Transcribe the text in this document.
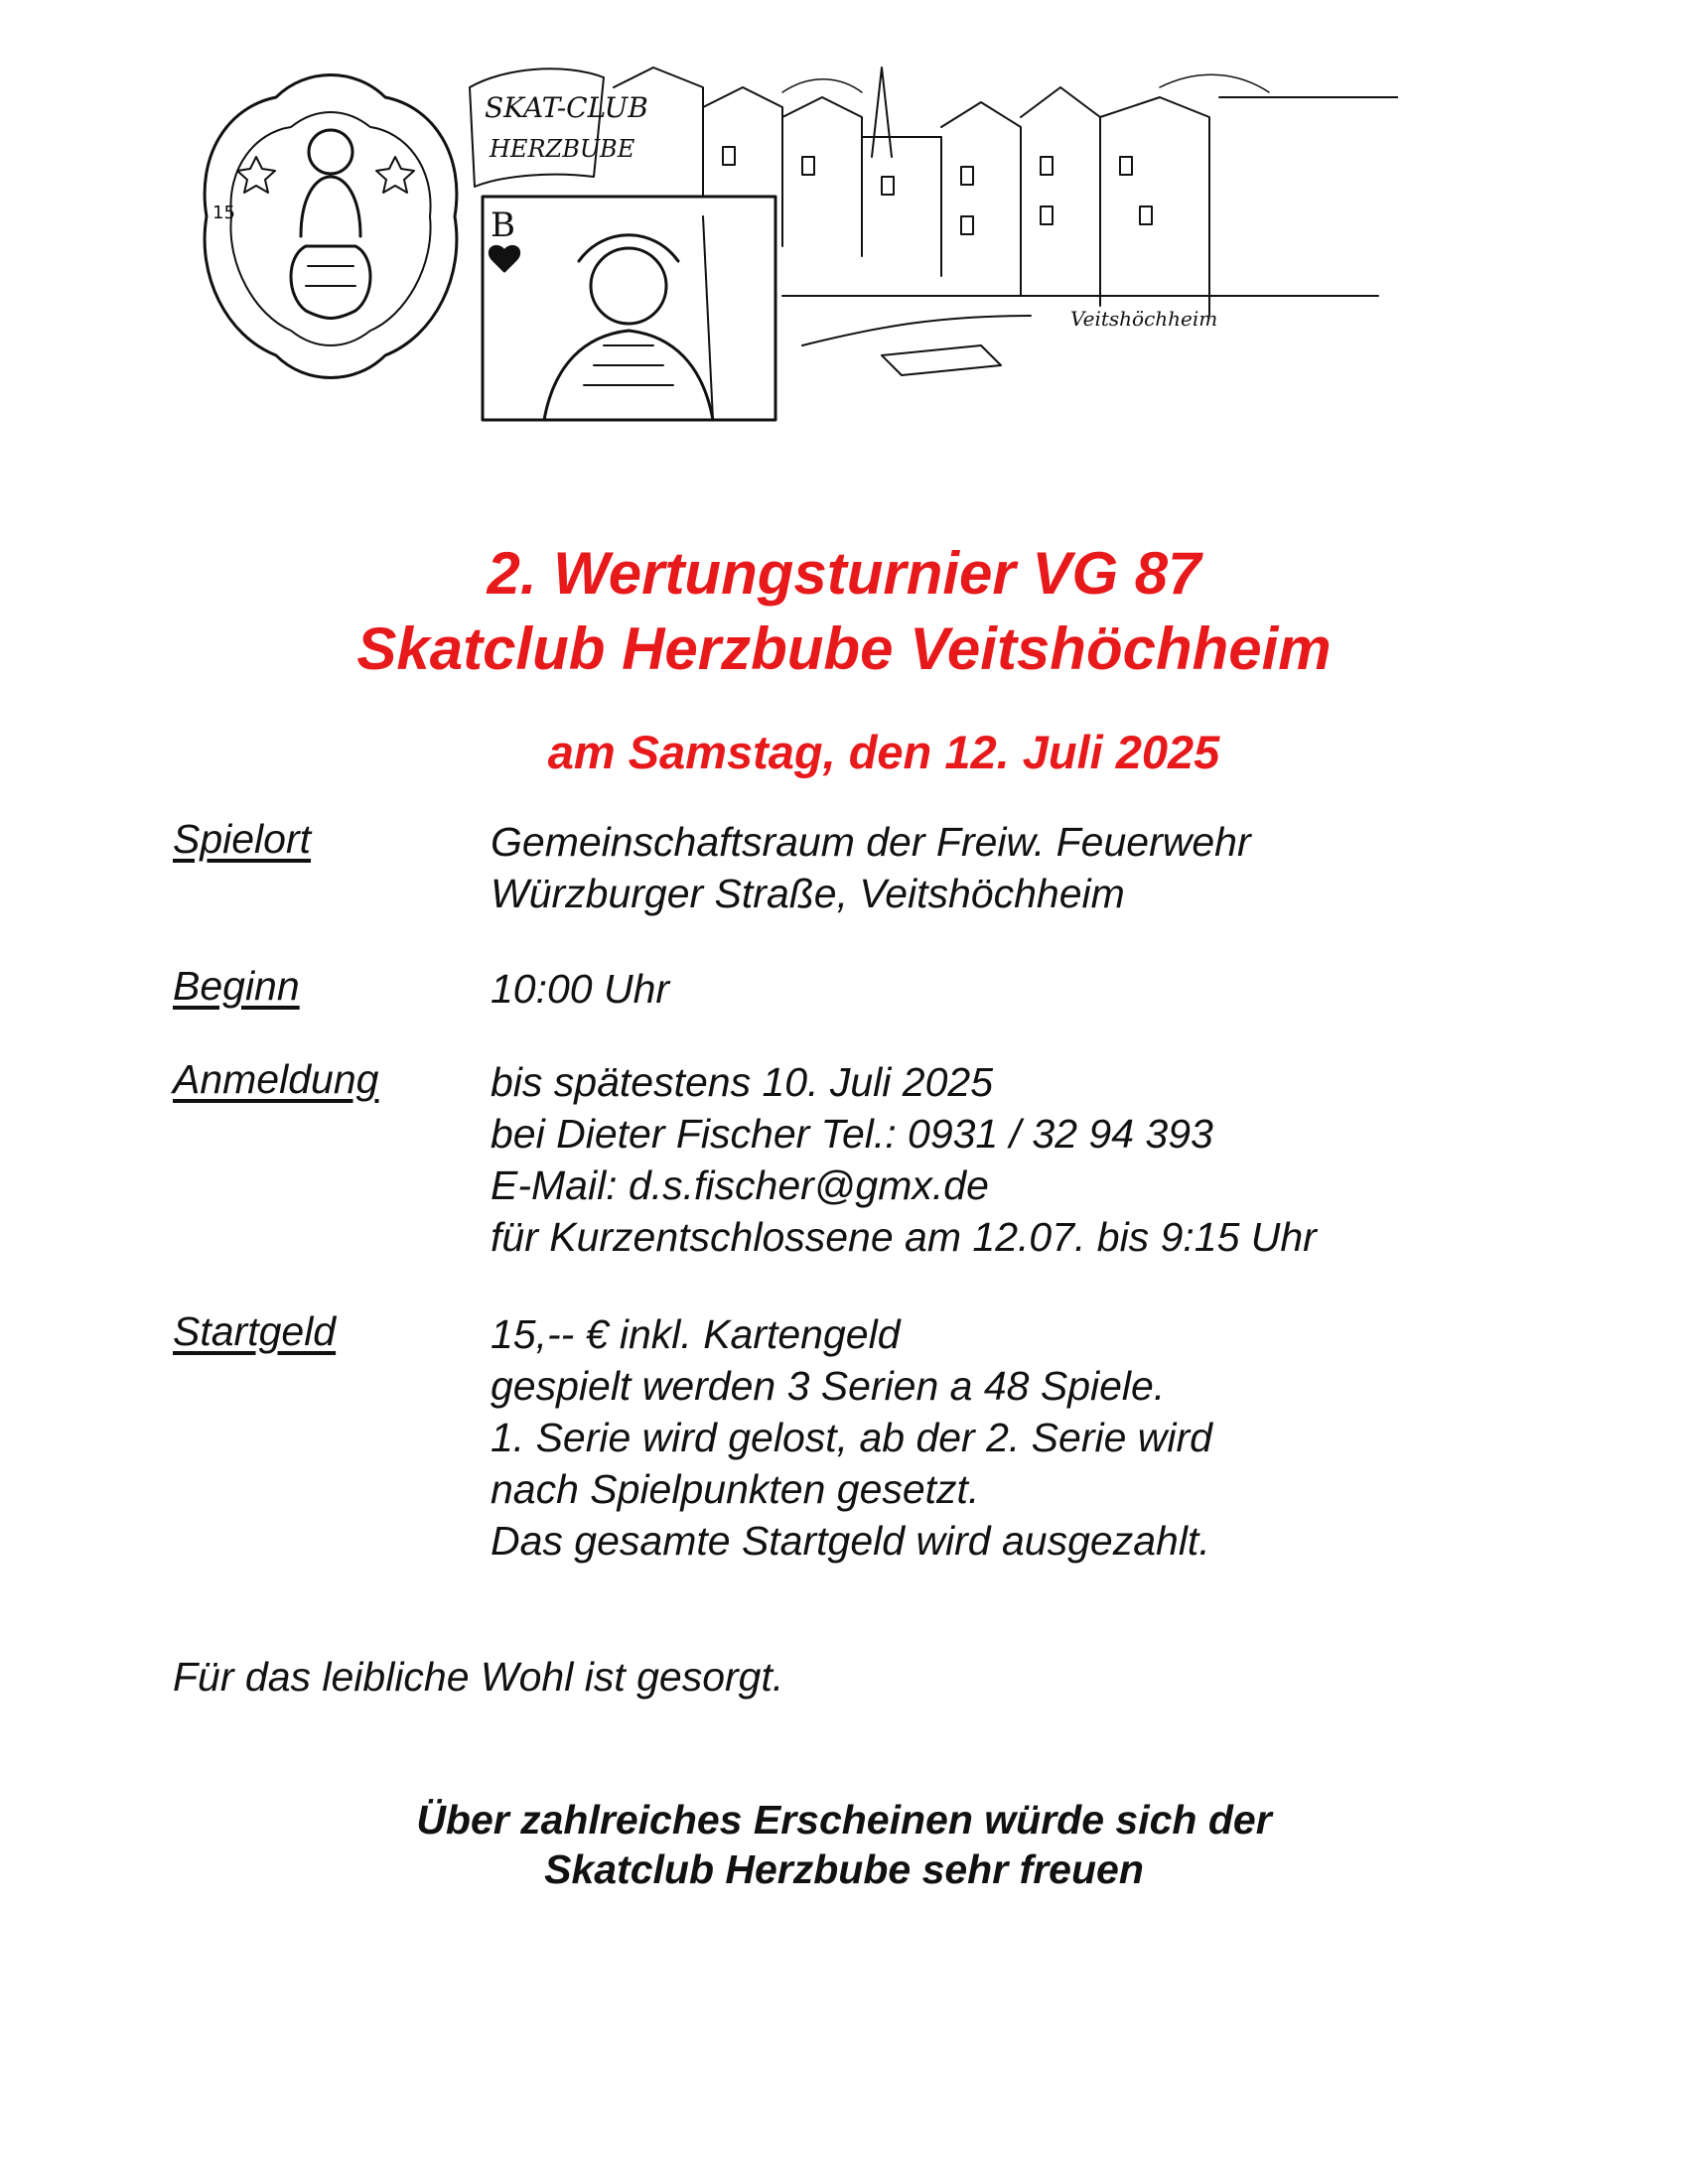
15
SKAT-CLUB
HERZBUBE
B
Veitshöchheim
2. Wertungsturnier VG 87
Skatclub Herzbube Veitshöchheim
am Samstag, den 12. Juli 2025
Spielort	Gemeinschaftsraum der Freiw. Feuerwehr
Würzburger Straße, Veitshöchheim
Beginn	10:00 Uhr
Anmeldung	bis spätestens 10. Juli 2025
bei Dieter Fischer Tel.: 0931 / 32 94 393
E-Mail: d.s.fischer@gmx.de
für Kurzentschlossene am 12.07. bis 9:15 Uhr
Startgeld	15,-- € inkl. Kartengeld
gespielt werden 3 Serien a 48 Spiele.
1. Serie wird gelost, ab der 2. Serie wird
nach Spielpunkten gesetzt.
Das gesamte Startgeld wird ausgezahlt.
Für das leibliche Wohl ist gesorgt.
Über zahlreiches Erscheinen würde sich der
Skatclub Herzbube sehr freuen
